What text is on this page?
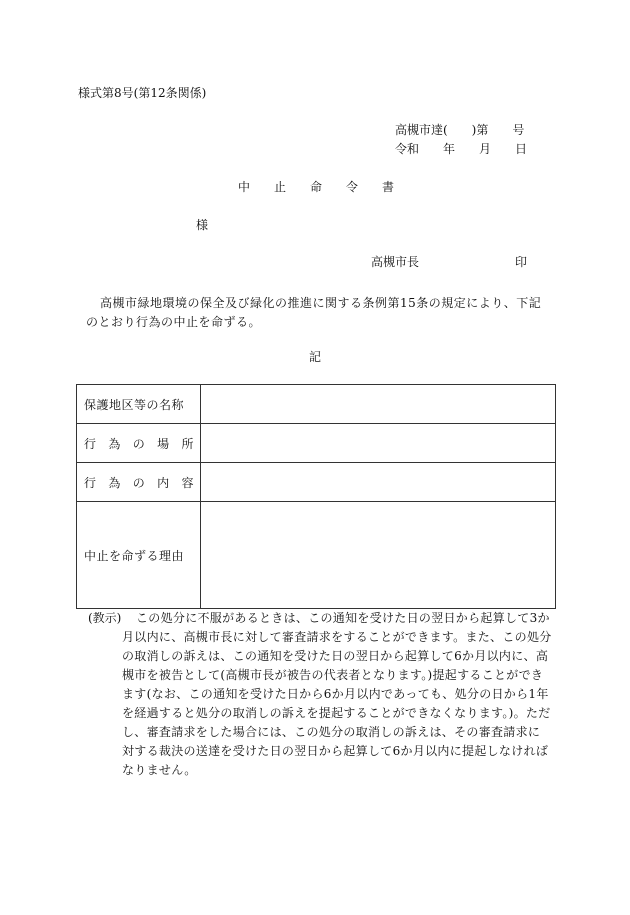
様式第8号(第12条関係)
高槻市達(　　)第　　号
令和　　年　　月　　日
中　　止　　命　　令　　書
様
高槻市長	印
高槻市緑地環境の保全及び緑化の推進に関する条例第15条の規定により、下記のとおり行為の中止を命ずる。
記
保護地区等の名称	
行為の場所	
行為の内容	
中止を命ずる理由	
(教示)	この処分に不服があるときは、この通知を受けた日の翌日から起算して3か月以内に、高槻市長に対して審査請求をすることができます。また、この処分の取消しの訴えは、この通知を受けた日の翌日から起算して6か月以内に、高槻市を被告として(高槻市長が被告の代表者となります。)提起することができます(なお、この通知を受けた日から6か月以内であっても、処分の日から1年を経過すると処分の取消しの訴えを提起することができなくなります。)。ただし、審査請求をした場合には、この処分の取消しの訴えは、その審査請求に対する裁決の送達を受けた日の翌日から起算して6か月以内に提起しなければなりません。
